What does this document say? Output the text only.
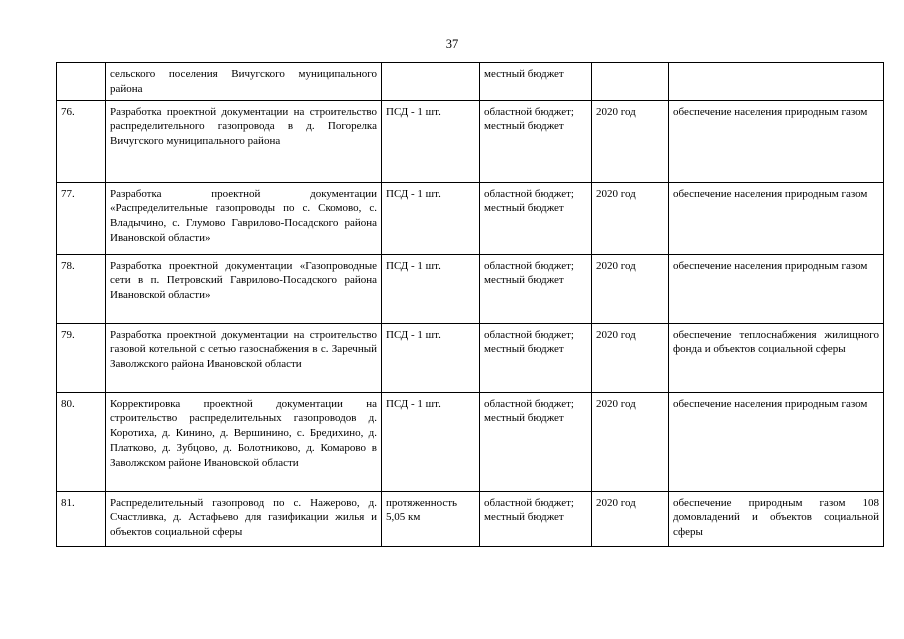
37
	сельского поселения Вичугского муниципального района		местный бюджет		
76.	Разработка проектной документации на строительство распределительного газопровода в д. Погорелка Вичугского муниципального района	ПСД - 1 шт.	областной бюджет; местный бюджет	2020 год	обеспечение населения природным газом
77.	Разработка проектной документации «Распределительные газопроводы по с. Скомово, с. Владычино, с. Глумово Гаврилово-Посадского района Ивановской области»	ПСД - 1 шт.	областной бюджет; местный бюджет	2020 год	обеспечение населения природным газом
78.	Разработка проектной документации «Газопроводные сети в п. Петровский Гаврилово-Посадского района Ивановской области»	ПСД - 1 шт.	областной бюджет; местный бюджет	2020 год	обеспечение населения природным газом
79.	Разработка проектной документации на строительство газовой котельной с сетью газоснабжения в с. Заречный Заволжского района Ивановской области	ПСД - 1 шт.	областной бюджет; местный бюджет	2020 год	обеспечение теплоснабжения жилищного фонда и объектов социальной сферы
80.	Корректировка проектной документации на строительство распределительных газопроводов д. Коротиха, д. Кинино, д. Вершинино, с. Бредихино, д. Платково, д. Зубцово, д. Болотниково, д. Комарово в Заволжском районе Ивановской области	ПСД - 1 шт.	областной бюджет; местный бюджет	2020 год	обеспечение населения природным газом
81.	Распределительный газопровод по с. Нажерово, д. Счастливка, д. Астафьево для газификации жилья и объектов социальной сферы	протяженность 5,05 км	областной бюджет; местный бюджет	2020 год	обеспечение природным газом 108 домовладений и объектов социальной сферы
